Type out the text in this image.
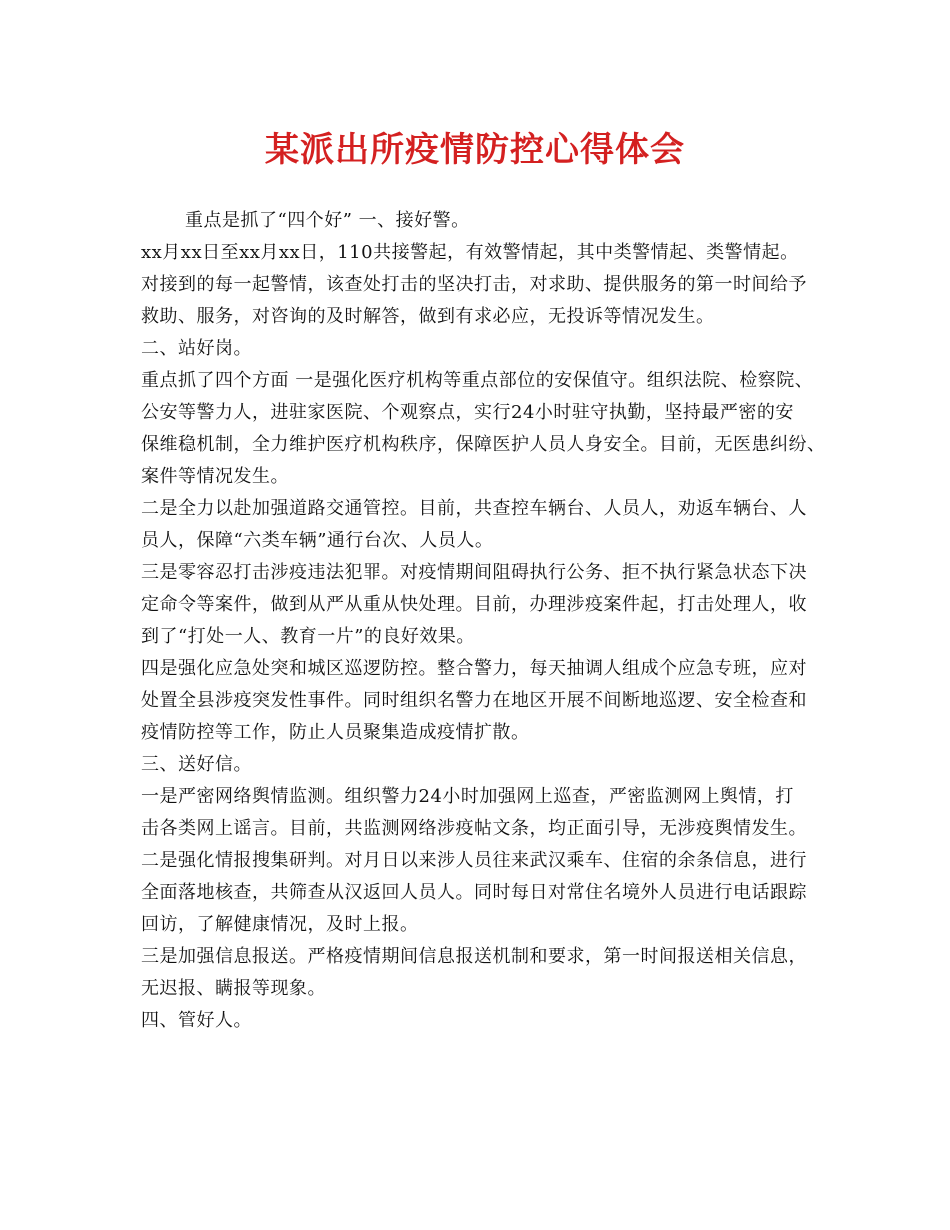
某派出所疫情防控心得体会
重点是抓了“四个好” 一、接好警。
xx月xx日至xx月xx日，110共接警起，有效警情起，其中类警情起、类警情起。
对接到的每一起警情，该查处打击的坚决打击，对求助、提供服务的第一时间给予
救助、服务，对咨询的及时解答，做到有求必应，无投诉等情况发生。
二、站好岗。
重点抓了四个方面 一是强化医疗机构等重点部位的安保值守。组织法院、检察院、
公安等警力人，进驻家医院、个观察点，实行24小时驻守执勤，坚持最严密的安
保维稳机制，全力维护医疗机构秩序，保障医护人员人身安全。目前，无医患纠纷、
案件等情况发生。
二是全力以赴加强道路交通管控。目前，共查控车辆台、人员人，劝返车辆台、人
员人，保障“六类车辆”通行台次、人员人。
三是零容忍打击涉疫违法犯罪。对疫情期间阻碍执行公务、拒不执行紧急状态下决
定命令等案件，做到从严从重从快处理。目前，办理涉疫案件起，打击处理人，收
到了“打处一人、教育一片”的良好效果。
四是强化应急处突和城区巡逻防控。整合警力，每天抽调人组成个应急专班，应对
处置全县涉疫突发性事件。同时组织名警力在地区开展不间断地巡逻、安全检查和
疫情防控等工作，防止人员聚集造成疫情扩散。
三、送好信。
一是严密网络舆情监测。组织警力24小时加强网上巡查，严密监测网上舆情，打
击各类网上谣言。目前，共监测网络涉疫帖文条，均正面引导，无涉疫舆情发生。
二是强化情报搜集研判。对月日以来涉人员往来武汉乘车、住宿的余条信息，进行
全面落地核查，共筛查从汉返回人员人。同时每日对常住名境外人员进行电话跟踪
回访，了解健康情况，及时上报。
三是加强信息报送。严格疫情期间信息报送机制和要求，第一时间报送相关信息，
无迟报、瞒报等现象。
四、管好人。
